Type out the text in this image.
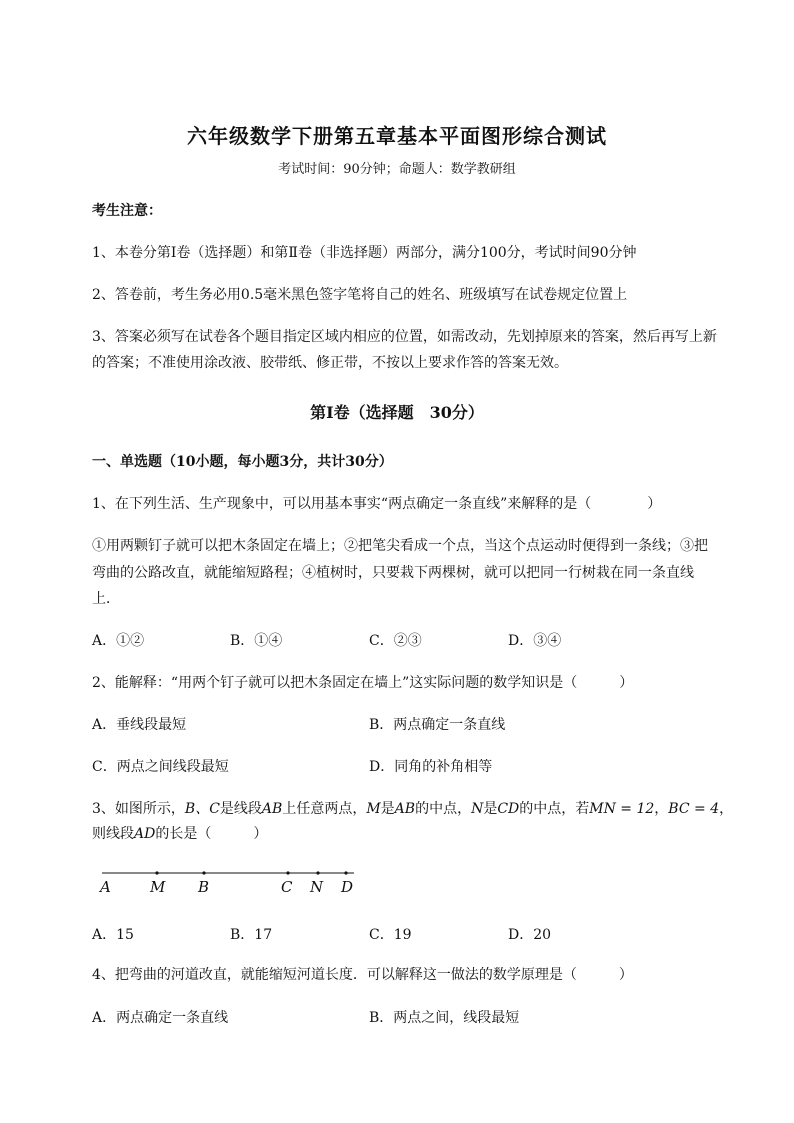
六年级数学下册第五章基本平面图形综合测试
考试时间：90分钟；命题人：数学教研组
考生注意：
1、本卷分第I卷（选择题）和第Ⅱ卷（非选择题）两部分，满分100分，考试时间90分钟
2、答卷前，考生务必用0.5毫米黑色签字笔将自己的姓名、班级填写在试卷规定位置上
3、答案必须写在试卷各个题目指定区域内相应的位置，如需改动，先划掉原来的答案，然后再写上新
的答案；不准使用涂改液、胶带纸、修正带，不按以上要求作答的答案无效。
第I卷（选择题　30分）
一、单选题（10小题，每小题3分，共计30分）
1、在下列生活、生产现象中，可以用基本事实“两点确定一条直线”来解释的是（　　　　）
①用两颗钉子就可以把木条固定在墙上；②把笔尖看成一个点，当这个点运动时便得到一条线；③把
弯曲的公路改直，就能缩短路程；④植树时，只要栽下两棵树，就可以把同一行树栽在同一条直线
上．
A．①②	B．①④	C．②③	D．③④
2、能解释：“用两个钉子就可以把木条固定在墙上”这实际问题的数学知识是（　　　）
A．垂线段最短	B．两点确定一条直线
C．两点之间线段最短	D．同角的补角相等
3、如图所示，B、C是线段AB上任意两点，M是AB的中点，N是CD的中点，若MN = 12，BC = 4，
则线段AD的长是（　　　）
A	M B	C N D
A．15	B．17	C．19	D．20
4、把弯曲的河道改直，就能缩短河道长度．可以解释这一做法的数学原理是（　　　）
A．两点确定一条直线	B．两点之间，线段最短
